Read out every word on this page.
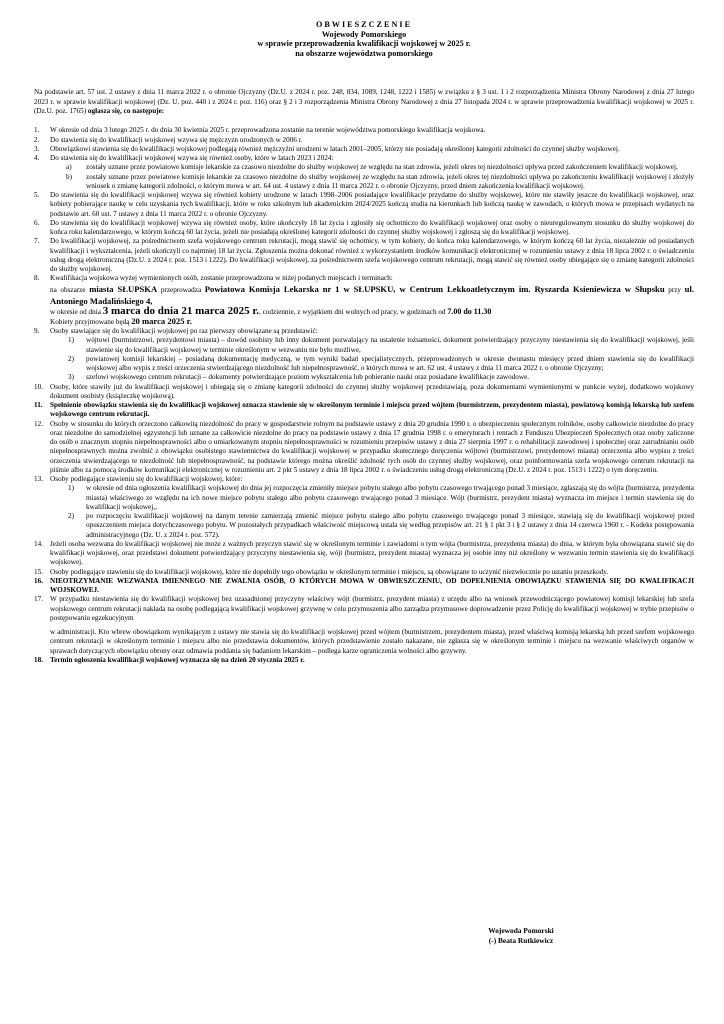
OBWIESZCZENIE
Wojewody Pomorskiego
w sprawie przeprowadzenia kwalifikacji wojskowej w 2025 r.
na obszarze województwa pomorskiego
Na podstawie art. 57 ust. 2 ustawy z dnia 11 marca 2022 r. o obronie Ojczyzny (Dz.U. z 2024 r. poz. 248, 834, 1089, 1248, 1222 i 1585) w związku z § 3 ust. 1 i 2 rozporządzenia Ministra Obrony Narodowej z dnia 27 lutego 2023 r. w sprawie kwalifikacji wojskowej (Dz. U. poz. 440 i z 2024 r. poz. 116) oraz § 2 i 3 rozporządzenia Ministra Obrony Narodowej z dnia 27 listopada 2024 r. w sprawie przeprowadzenia kwalifikacji wojskowej w 2025 r. (Dz.U. poz. 1765) ogłasza się, co następuje:
1. W okresie od dnia 3 lutego 2025 r. do dnia 30 kwietnia 2025 r. przeprowadzona zostanie na terenie województwa pomorskiego kwalifikacja wojskowa.
2. Do stawienia się do kwalifikacji wojskowej wzywa się mężczyzn urodzonych w 2006 r.
3. Obowiązkowi stawienia się do kwalifikacji wojskowej podlegają również mężczyźni urodzeni w latach 2001–2005, którzy nie posiadają określonej kategorii zdolności do czynnej służby wojskowej.
4. Do stawienia się do kwalifikacji wojskowej wzywa się również osoby, które w latach 2023 i 2024:
a) zostały uznane przez powiatowe komisje lekarskie za czasowo niezdolne do służby wojskowej ze względu na stan zdrowia, jeżeli okres tej niezdolności upływa przed zakończeniem kwalifikacji wojskowej,
b) zostały uznane przez powiatowe komisje lekarskie za czasowo niezdolne do służby wojskowej ze względu na stan zdrowia, jeżeli okres tej niezdolności upływa po zakończeniu kwalifikacji wojskowej i złożyły wniosek o zmianę kategorii zdolności, o którym mowa w art. 64 ust. 4 ustawy z dnia 11 marca 2022 r. o obronie Ojczyzny, przed dniem zakończenia kwalifikacji wojskowej.
5. Do stawienia się do kwalifikacji wojskowej wzywa się również kobiety urodzone w latach 1998–2006 posiadające kwalifikacje przydatne do służby wojskowej, które nie stawiły jeszcze do kwalifikacji wojskowej, oraz kobiety pobierające naukę w celu uzyskania tych kwalifikacji, które w roku szkolnym lub akademickim 2024/2025 kończą studia na kierunkach lub kończą naukę w zawodach, o których mowa w przepisach wydanych na podstawie art. 60 ust. 7 ustawy z dnia 11 marca 2022 r. o obronie Ojczyzny.
6. Do stawienia się do kwalifikacji wojskowej wzywa się również osoby, które ukończyły 18 lat życia i zgłosiły się ochotniczo do kwalifikacji wojskowej oraz osoby o nieuregulowanym stosunku do służby wojskowej do końca roku kalendarzowego, w którym kończą 60 lat życia, jeżeli nie posiadają określonej kategorii zdolności do czynnej służby wojskowej i zgłoszą się do kwalifikacji wojskowej.
7. Do kwalifikacji wojskowej, za pośrednictwem szefa wojskowego centrum rekrutacji, mogą stawić się ochotnicy, w tym kobiety, do końca roku kalendarzowego, w którym kończą 60 lat życia, niezależnie od posiadanych kwalifikacji i wykształcenia, jeżeli ukończyli co najmniej 18 lat życia. Zgłoszenia można dokonać również z wykorzystaniem środków komunikacji elektronicznej w rozumieniu ustawy z dnia 18 lipca 2002 r. o świadczeniu usług drogą elektroniczną (Dz.U. z 2024 r. poz. 1513 i 1222). Do kwalifikacji wojskowej, za pośrednictwem szefa wojskowego centrum rekrutacji, mogą stawić się również osoby ubiegające się o zmianę kategorii zdolności do służby wojskowej.
8. Kwalifikacja wojskowa wyżej wymienionych osób, zostanie przeprowadzona w niżej podanych miejscach i terminach:
na obszarze miasta SŁUPSKA przeprowadza Powiatowa Komisja Lekarska nr 1 w SŁUPSKU, w Centrum Lekkoatletycznym im. Ryszarda Ksieniewicza w Słupsku przy ul. Antoniego Madalińskiego 4,
w okresie od dnia 3 marca do dnia 21 marca 2025 r., codziennie, z wyjątkiem dni wolnych od pracy, w godzinach od 7.00 do 11.30
Kobiety przyjmowane będą 20 marca 2025 r.
9. Osoby stawiające się do kwalifikacji wojskowej po raz pierwszy obowiązane są przedstawić:
1) wójtowi (burmistrzowi, prezydentowi miasta) – dowód osobisty lub inny dokument pozwalający na ustalenie tożsamości, dokument potwierdzający przyczyny niestawienia się do kwalifikacji wojskowej, jeśli stawienie się do kwalifikacji wojskowej w terminie określonym w wezwaniu nie było możliwe,
2) powiatowej komisji lekarskiej – posiadaną dokumentację medyczną, w tym wyniki badań specjalistycznych, przeprowadzonych w okresie dwunastu miesięcy przed dniem stawienia się do kwalifikacji wojskowej albo wypis z treści orzeczenia stwierdzającego niezdolność lub niepełnosprawność, o których mowa w art. 62 ust. 4 ustawy z dnia 11 marca 2022 r. o obronie Ojczyzny;
3) szefowi wojskowego centrum rekrutacji – dokumenty potwierdzające poziom wykształcenia lub pobieranie nauki oraz posiadane kwalifikacje zawodowe.
10. Osoby, które stawiły już do kwalifikacji wojskowej i ubiegają się o zmianę kategorii zdolności do czynnej służby wojskowej przedstawiają, poza dokumentami wymienionymi w punkcie wyżej, dodatkowo wojskowy dokument osobisty (książeczkę wojskową).
11. Spełnienie obowiązku stawienia się do kwalifikacji wojskowej oznacza stawienie się w określonym terminie i miejscu przed wójtem (burmistrzem, prezydentem miasta), powiatową komisją lekarską lub szefem wojskowego centrum rekrutacji.
12. Osoby w stosunku do których orzeczono całkowitą niezdolność do pracy w gospodarstwie rolnym na podstawie ustawy z dnia 20 grudnia 1990 r. o ubezpieczeniu społecznym rolników, osoby całkowicie niezdolne do pracy oraz niezdolne do samodzielnej egzystencji lub uznane za całkowicie niezdolne do pracy na podstawie ustawy z dnia 17 grudnia 1998 r. o emeryturach i rentach z Funduszu Ubezpieczeń Społecznych oraz osoby zaliczone do osób o znacznym stopniu niepełnosprawności albo o umiarkowanym stopniu niepełnosprawności w rozumieniu przepisów ustawy z dnia 27 sierpnia 1997 r. o rehabilitacji zawodowej i społecznej oraz zatrudnianiu osób niepełnosprawnych można zwolnić z obowiązku osobistego stawiennictwa do kwalifikacji wojskowej w przypadku skutecznego doręczenia wójtowi (burmistrzowi, prezydentowi miasta) orzeczenia albo wypisu z treści orzeczenia stwierdzającego te niezdolność lub niepełnosprawność, na podstawie którego można określić zdolność tych osób do czynnej służby wojskowej, oraz poinformowania szefa wojskowego centrum rekrutacji na piśmie albo za pomocą środków komunikacji elektronicznej w rozumieniu art. 2 pkt 5 ustawy z dnia 18 lipca 2002 r. o świadczeniu usług drogą elektroniczną (Dz.U. z 2024 r. poz. 1513 i 1222) o tym doręczeniu.
13. Osoby podlegające stawieniu się do kwalifikacji wojskowej, które:
1) w okresie od dnia ogłoszenia kwalifikacji wojskowej do dnia jej rozpoczęcia zmieniły miejsce pobytu stałego albo pobytu czasowego trwającego ponad 3 miesiące, zgłaszają się do wójta (burmistrza, prezydenta miasta) właściwego ze względu na ich nowe miejsce pobytu stałego albo pobytu czasowego trwającego ponad 3 miesiące. Wójt (burmistrz, prezydent miasta) wyznacza im miejsce i termin stawienia się do kwalifikacji wojskowej,,
2) po rozpoczęciu kwalifikacji wojskowej na danym terenie zamierzają zmienić miejsce pobytu stałego albo pobytu czasowego trwającego ponad 3 miesiące, stawiają się do kwalifikacji wojskowej przed opuszczeniem miejsca dotychczasowego pobytu. W pozostałych przypadkach właściwość miejscową ustala się według przepisów art. 21 § 1 pkt 3 i § 2 ustawy z dnia 14 czerwca 1960 r. - Kodeks postępowania administracyjnego (Dz. U. z 2024 r. poz. 572).
14. Jeżeli osoba wezwana do kwalifikacji wojskowej nie może z ważnych przyczyn stawić się w określonym terminie i zawiadomi o tym wójta (burmistrza, prezydenta miasta) do dnia, w którym była obowiązana stawić się do kwalifikacji wojskowej, oraz przedstawi dokument potwierdzający przyczyny niestawienia się, wójt (burmistrz, prezydent miasta) wyznacza jej osobie inny niż określony w wezwaniu termin stawienia się do kwalifikacji wojskowej.
15. Osoby podlegające stawieniu się do kwalifikacji wojskowej, które nie dopełniły tego obowiązku w określonym terminie i miejscu, są obowiązane to uczynić niezwłocznie po ustaniu przeszkody.
16. NIEOTRZYMANIE WEZWANIA IMIENNEGO NIE ZWALNIA OSÓB, O KTÓRYCH MOWA W OBWIESZCZENIU, OD DOPEŁNIENIA OBOWIĄZKU STAWIENIA SIĘ DO KWALIFIKACJI WOJSKOWEJ.
17. W przypadku niestawienia się do kwalifikacji wojskowej bez uzasadnionej przyczyny właściwy wójt (burmistrz, prezydent miasta) z urzędu albo na wniosek przewodniczącego powiatowej komisji lekarskiej lub szefa wojskowego centrum rekrutacji nakłada na osobę podlegającą kwalifikacji wojskowej grzywnę w celu przymuszenia albo zarządza przymusowe doprowadzenie przez Policję do kwalifikacji wojskowej w trybie przepisów o postępowaniu egzekucyjnym
w administracji. Kto wbrew obowiązkom wynikającym z ustawy nie stawia się do kwalifikacji wojskowej przed wójtem (burmistrzem, prezydentem miasta), przed właściwą komisją lekarską lub przed szefem wojskowego centrum rekrutacji w określonym terminie i miejscu albo nie przedstawia dokumentów, których przedstawienie zostało nakazane, nie zgłasza się w określonym terminie i miejscu na wezwanie właściwych organów w sprawach dotyczących obowiązku obrony oraz odmawia poddania się badaniom lekarskim – podlega karze ograniczenia wolności albo grzywny.
18. Termin ogłoszenia kwalifikacji wojskowej wyznacza się na dzień 20 stycznia 2025 r.
Wojewoda Pomorski
(-) Beata Rutkiewicz
